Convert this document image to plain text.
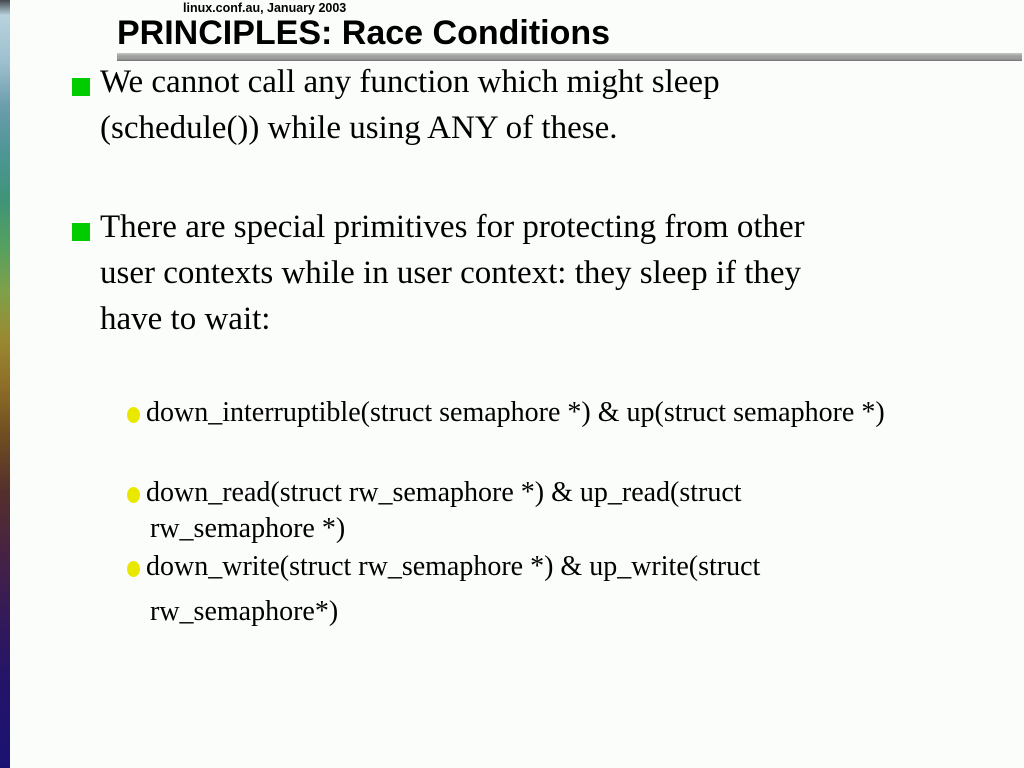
linux.conf.au, January 2003
PRINCIPLES: Race Conditions
We cannot call any function which might sleep
(schedule()) while using ANY of these.
There are special primitives for protecting from other
user contexts while in user context: they sleep if they
have to wait:
down_interruptible(struct semaphore *) & up(struct semaphore *)
down_read(struct rw_semaphore *) & up_read(struct
rw_semaphore *)
down_write(struct rw_semaphore *) & up_write(struct
rw_semaphore*)
